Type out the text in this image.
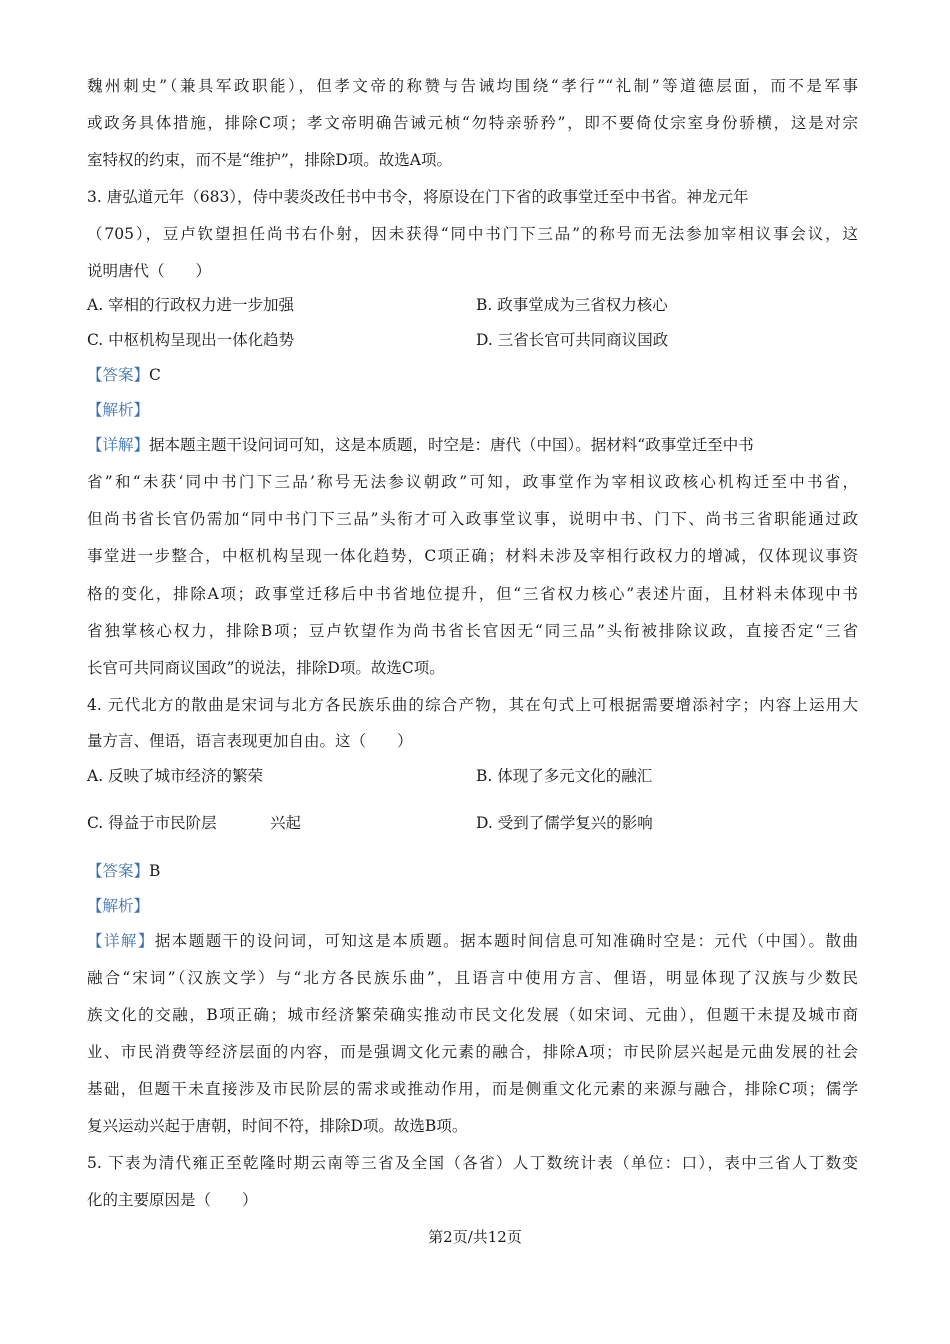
魏州刺史”（兼具军政职能），但孝文帝的称赞与告诫均围绕“孝行”“礼制”等道德层面，而不是军事
或政务具体措施，排除C项；孝文帝明确告诫元桢“勿特亲骄矜”，即不要倚仗宗室身份骄横，这是对宗
室特权的约束，而不是“维护”，排除D项。故选A项。
3. 唐弘道元年（683），侍中裴炎改任书中书令，将原设在门下省的政事堂迁至中书省。神龙元年
（705），豆卢钦望担任尚书右仆射，因未获得“同中书门下三品”的称号而无法参加宰相议事会议，这
说明唐代（　　）
A. 宰相的行政权力进一步加强	B. 政事堂成为三省权力核心
C. 中枢机构呈现出一体化趋势	D. 三省长官可共同商议国政
【答案】C
【解析】
【详解】据本题主题干设问词可知，这是本质题，时空是：唐代（中国）。据材料“政事堂迁至中书
省”和“未获‘同中书门下三品’称号无法参议朝政”可知，政事堂作为宰相议政核心机构迁至中书省，
但尚书省长官仍需加“同中书门下三品”头衔才可入政事堂议事，说明中书、门下、尚书三省职能通过政
事堂进一步整合，中枢机构呈现一体化趋势，C项正确；材料未涉及宰相行政权力的增减，仅体现议事资
格的变化，排除A项；政事堂迁移后中书省地位提升，但“三省权力核心”表述片面，且材料未体现中书
省独掌核心权力，排除B项；豆卢钦望作为尚书省长官因无“同三品”头衔被排除议政，直接否定“三省
长官可共同商议国政”的说法，排除D项。故选C项。
4. 元代北方的散曲是宋词与北方各民族乐曲的综合产物，其在句式上可根据需要增添衬字；内容上运用大
量方言、俚语，语言表现更加自由。这（　　）
A. 反映了城市经济的繁荣	B. 体现了多元文化的融汇
C. 得益于市民阶层	兴起	D. 受到了儒学复兴的影响
【答案】B
【解析】
【详解】据本题题干的设问词，可知这是本质题。据本题时间信息可知准确时空是：元代（中国）。散曲
融合“宋词”（汉族文学）与“北方各民族乐曲”，且语言中使用方言、俚语，明显体现了汉族与少数民
族文化的交融，B项正确；城市经济繁荣确实推动市民文化发展（如宋词、元曲），但题干未提及城市商
业、市民消费等经济层面的内容，而是强调文化元素的融合，排除A项；市民阶层兴起是元曲发展的社会
基础，但题干未直接涉及市民阶层的需求或推动作用，而是侧重文化元素的来源与融合，排除C项；儒学
复兴运动兴起于唐朝，时间不符，排除D项。故选B项。
5. 下表为清代雍正至乾隆时期云南等三省及全国（各省）人丁数统计表（单位：口），表中三省人丁数变
化的主要原因是（　　）
第2页/共12页
